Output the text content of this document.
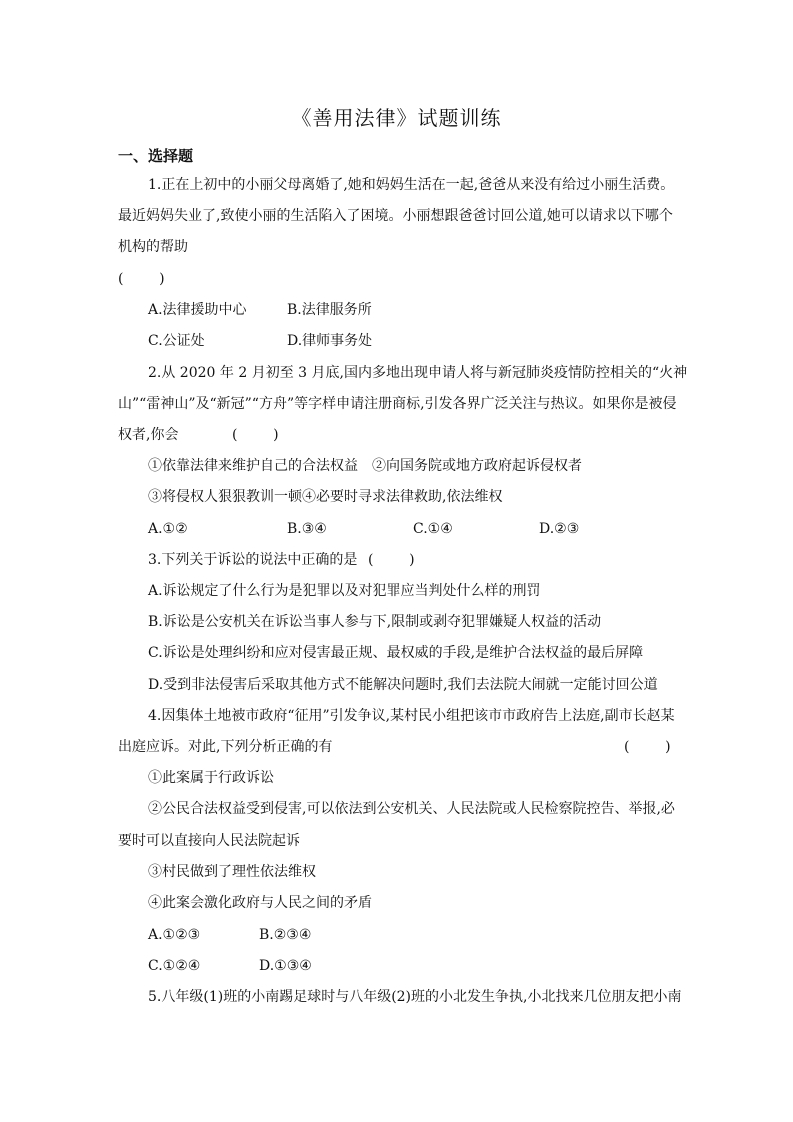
《善用法律》试题训练
一、选择题
1.正在上初中的小丽父母离婚了,她和妈妈生活在一起,爸爸从来没有给过小丽生活费。
最近妈妈失业了,致使小丽的生活陷入了困境。小丽想跟爸爸讨回公道,她可以请求以下哪个
机构的帮助
(        )
A.法律援助中心	B.法律服务所
C.公证处	D.律师事务处
2.从 2020 年 2 月初至 3 月底,国内多地出现申请人将与新冠肺炎疫情防控相关的“火神
山”“雷神山”及“新冠”“方舟”等字样申请注册商标,引发各界广泛关注与热议。如果你是被侵
权者,你会	(        )
①依靠法律来维护自己的合法权益　②向国务院或地方政府起诉侵权者
③将侵权人狠狠教训一顿④必要时寻求法律救助,依法维权
A.①②	B.③④	C.①④	D.②③
3.下列关于诉讼的说法中正确的是 (        )
A.诉讼规定了什么行为是犯罪以及对犯罪应当判处什么样的刑罚
B.诉讼是公安机关在诉讼当事人参与下,限制或剥夺犯罪嫌疑人权益的活动
C.诉讼是处理纠纷和应对侵害最正规、最权威的手段,是维护合法权益的最后屏障
D.受到非法侵害后采取其他方式不能解决问题时,我们去法院大闹就一定能讨回公道
4.因集体土地被市政府“征用”引发争议,某村民小组把该市市政府告上法庭,副市长赵某
出庭应诉。对此,下列分析正确的有	(        )
①此案属于行政诉讼
②公民合法权益受到侵害,可以依法到公安机关、人民法院或人民检察院控告、举报,必
要时可以直接向人民法院起诉
③村民做到了理性依法维权
④此案会激化政府与人民之间的矛盾
A.①②③	B.②③④
C.①②④	D.①③④
5.八年级(1)班的小南踢足球时与八年级(2)班的小北发生争执,小北找来几位朋友把小南
